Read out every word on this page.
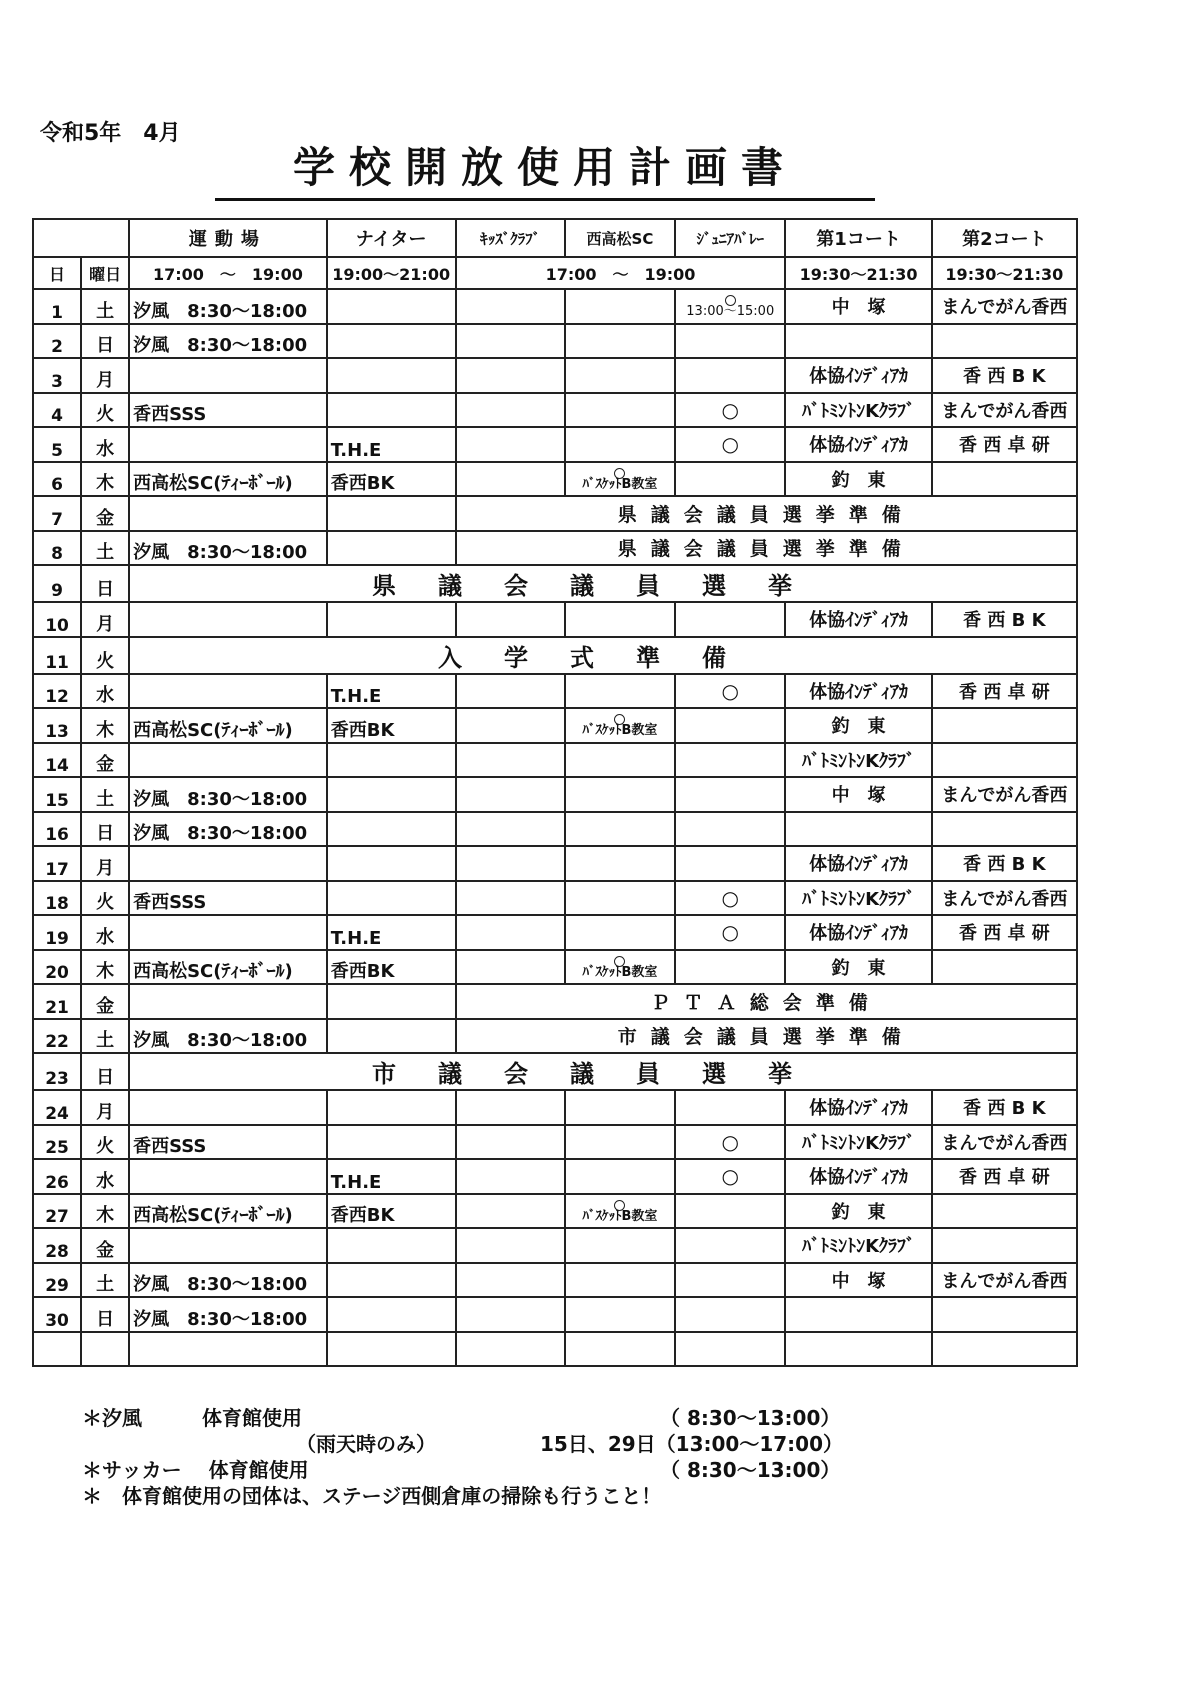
令和5年　4月
学校開放使用計画書
		運動場	ナイター	ｷｯｽﾞｸﾗﾌﾞ	西高松SC	ｼﾞｭﾆｱﾊﾞﾚｰ	第1コート	第2コート
日	曜日	17:00　～　19:00	19:00～21:00	17:00　～　19:00			19:30～21:30	19:30～21:30
1	土	汐風　8:30～18:00				13:00～15:00	中　塚	まんでがん香西
2	日	汐風　8:30～18:00						
3	月						体協ｲﾝﾃﾞｨｱｶ	香 西 B K
4	火	香西SSS				○	ﾊﾞﾄﾐﾝﾄﾝKｸﾗﾌﾞ	まんでがん香西
5	水		T.H.E			○	体協ｲﾝﾃﾞｨｱｶ	香 西 卓 研
6	木	西高松SC(ﾃｨｰﾎﾞｰﾙ)	香西BK		ﾊﾞｽｹｯﾄB教室		釣　東	
7	金			県議会議員選挙準備				
8	土	汐風　8:30～18:00		県議会議員選挙準備				
9	日	県議会議員選挙						
10	月						体協ｲﾝﾃﾞｨｱｶ	香 西 B K
11	火	入学式準備						
12	水		T.H.E			○	体協ｲﾝﾃﾞｨｱｶ	香 西 卓 研
13	木	西高松SC(ﾃｨｰﾎﾞｰﾙ)	香西BK		ﾊﾞｽｹｯﾄB教室		釣　東	
14	金						ﾊﾞﾄﾐﾝﾄﾝKｸﾗﾌﾞ	
15	土	汐風　8:30～18:00					中　塚	まんでがん香西
16	日	汐風　8:30～18:00						
17	月						体協ｲﾝﾃﾞｨｱｶ	香 西 B K
18	火	香西SSS				○	ﾊﾞﾄﾐﾝﾄﾝKｸﾗﾌﾞ	まんでがん香西
19	水		T.H.E			○	体協ｲﾝﾃﾞｨｱｶ	香 西 卓 研
20	木	西高松SC(ﾃｨｰﾎﾞｰﾙ)	香西BK		ﾊﾞｽｹｯﾄB教室		釣　東	
21	金			ＰＴＡ総会準備				
22	土	汐風　8:30～18:00		市議会議員選挙準備				
23	日	市議会議員選挙						
24	月						体協ｲﾝﾃﾞｨｱｶ	香 西 B K
25	火	香西SSS				○	ﾊﾞﾄﾐﾝﾄﾝKｸﾗﾌﾞ	まんでがん香西
26	水		T.H.E			○	体協ｲﾝﾃﾞｨｱｶ	香 西 卓 研
27	木	西高松SC(ﾃｨｰﾎﾞｰﾙ)	香西BK		ﾊﾞｽｹｯﾄB教室		釣　東	
28	金						ﾊﾞﾄﾐﾝﾄﾝKｸﾗﾌﾞ	
29	土	汐風　8:30～18:00					中　塚	まんでがん香西
30	日	汐風　8:30～18:00						

＊汐風　　　体育館使用	（ 8:30～13:00）
（雨天時のみ）	15日、29日（13:00～17:00）
＊サッカー　 体育館使用	（ 8:30～13:00）
＊　体育館使用の団体は、ステージ西側倉庫の掃除も行うこと！
